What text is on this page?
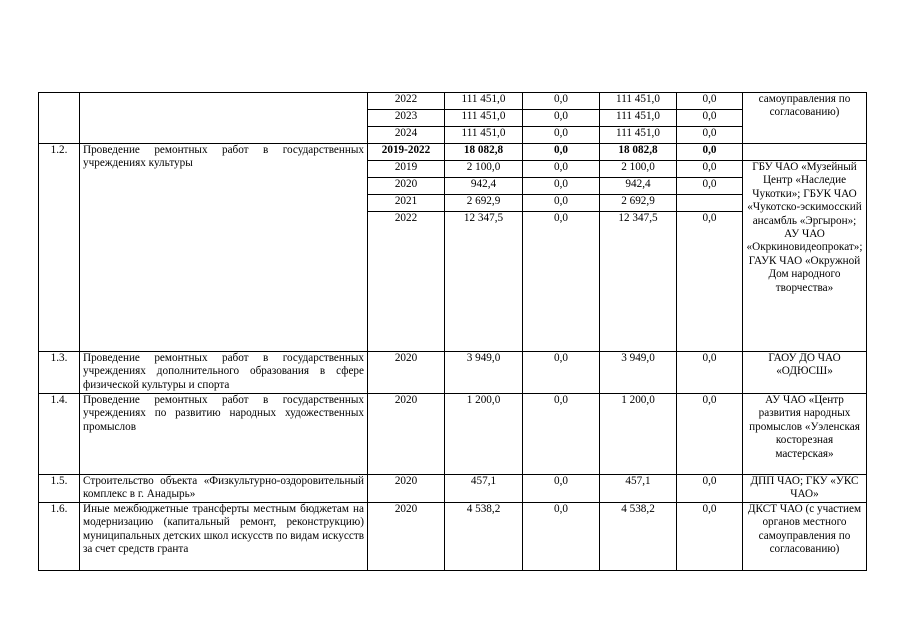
		2022	111 451,0	0,0	111 451,0	0,0	самоуправления по согласованию)
		2023	111 451,0	0,0	111 451,0	0,0	
		2024	111 451,0	0,0	111 451,0	0,0	
1.2.	Проведение ремонтных работ в государственных учреждениях культуры	2019-2022	18 082,8	0,0	18 082,8	0,0	
		2019	2 100,0	0,0	2 100,0	0,0	ГБУ ЧАО «Музейный Центр «Наследие Чукотки»; ГБУК ЧАО «Чукотско-эскимосский ансамбль «Эргырон»; АУ ЧАО «Окркиновидеопрокат»; ГАУК ЧАО «Окружной Дом народного творчества»
		2020	942,4	0,0	942,4	0,0	
		2021	2 692,9	0,0	2 692,9		
		2022	12 347,5	0,0	12 347,5	0,0	
1.3.	Проведение ремонтных работ в государственных учреждениях дополнительного образования в сфере физической культуры и спорта	2020	3 949,0	0,0	3 949,0	0,0	ГАОУ ДО ЧАО «ОДЮСШ»
1.4.	Проведение ремонтных работ в государственных учреждениях по развитию народных художественных промыслов	2020	1 200,0	0,0	1 200,0	0,0	АУ ЧАО «Центр развития народных промыслов «Уэленская косторезная мастерская»
1.5.	Строительство объекта «Физкультурно-оздоровительный комплекс в г. Анадырь»	2020	457,1	0,0	457,1	0,0	ДПП ЧАО; ГКУ «УКС ЧАО»
1.6.	Иные межбюджетные трансферты местным бюджетам на модернизацию (капитальный ремонт, реконструкцию) муниципальных детских школ искусств по видам искусств за счет средств гранта	2020	4 538,2	0,0	4 538,2	0,0	ДКСТ ЧАО (с участием органов местного самоуправления по согласованию)
